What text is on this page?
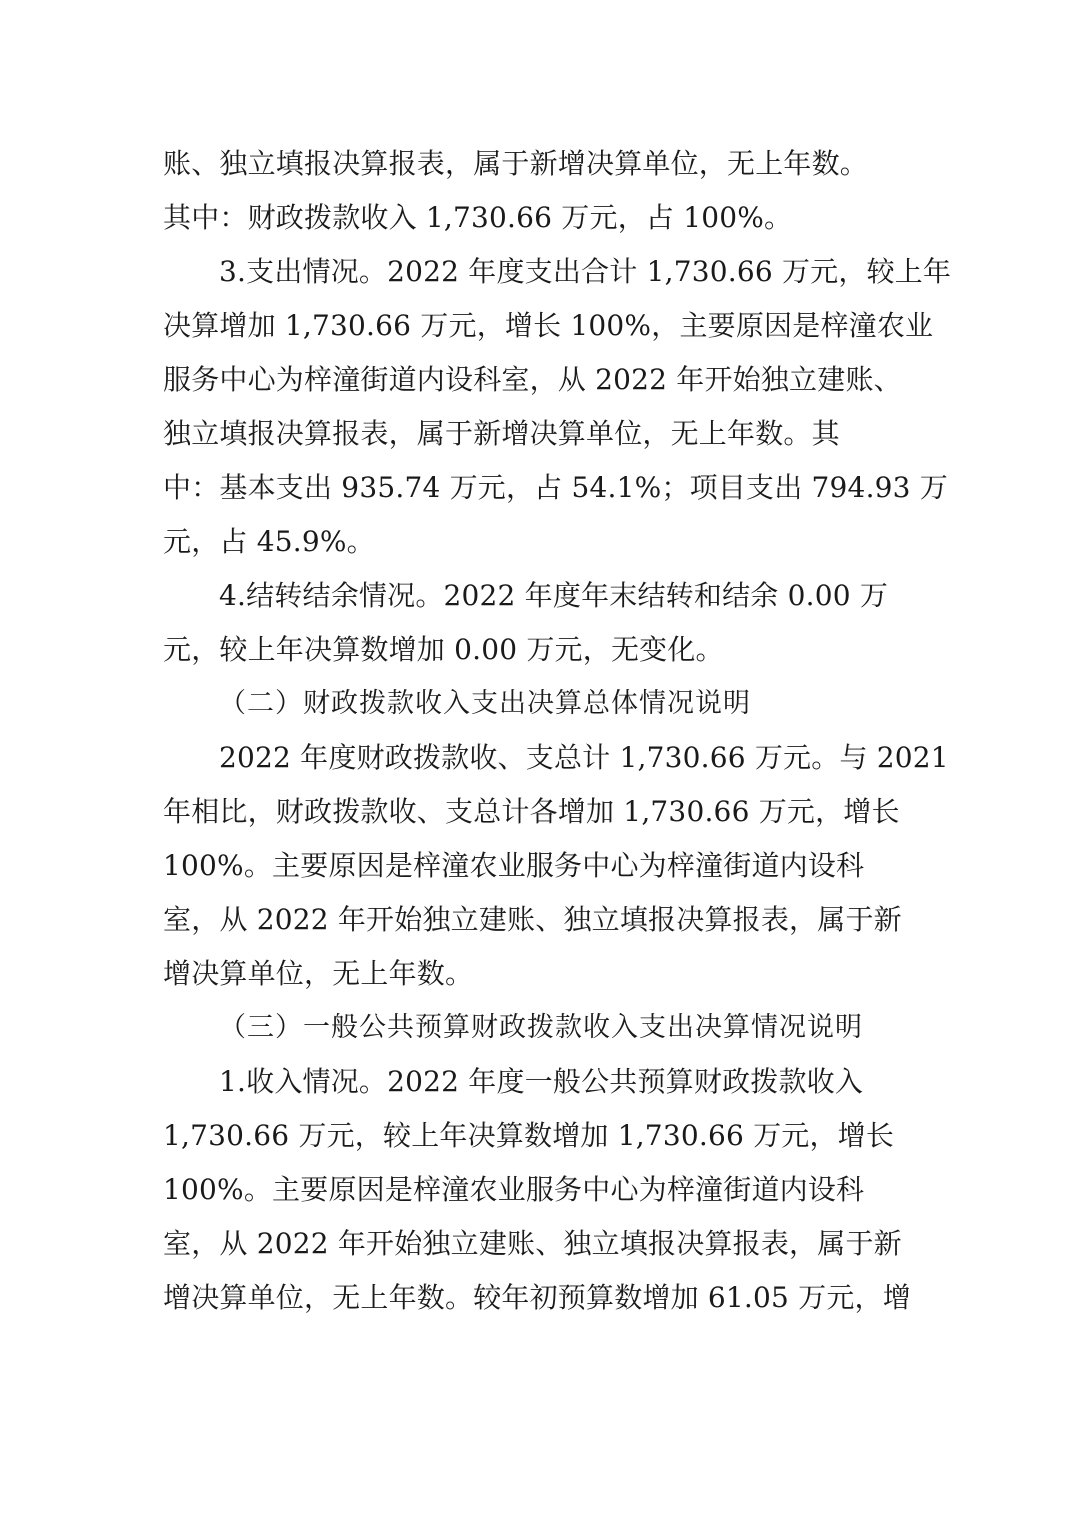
账、独立填报决算报表，属于新增决算单位，无上年数。
其中：财政拨款收入 1,730.66 万元，占 100%。
3.支出情况。2022 年度支出合计 1,730.66 万元，较上年
决算增加 1,730.66 万元，增长 100%，主要原因是梓潼农业
服务中心为梓潼街道内设科室，从 2022 年开始独立建账、
独立填报决算报表，属于新增决算单位，无上年数。其
中：基本支出 935.74 万元，占 54.1%；项目支出 794.93 万
元，占 45.9%。
4.结转结余情况。2022 年度年末结转和结余 0.00 万
元，较上年决算数增加 0.00 万元，无变化。
（二）财政拨款收入支出决算总体情况说明
2022 年度财政拨款收、支总计 1,730.66 万元。与 2021
年相比，财政拨款收、支总计各增加 1,730.66 万元，增长
100%。主要原因是梓潼农业服务中心为梓潼街道内设科
室，从 2022 年开始独立建账、独立填报决算报表，属于新
增决算单位，无上年数。
（三）一般公共预算财政拨款收入支出决算情况说明
1.收入情况。2022 年度一般公共预算财政拨款收入
1,730.66 万元，较上年决算数增加 1,730.66 万元，增长
100%。主要原因是梓潼农业服务中心为梓潼街道内设科
室，从 2022 年开始独立建账、独立填报决算报表，属于新
增决算单位，无上年数。较年初预算数增加 61.05 万元，增
